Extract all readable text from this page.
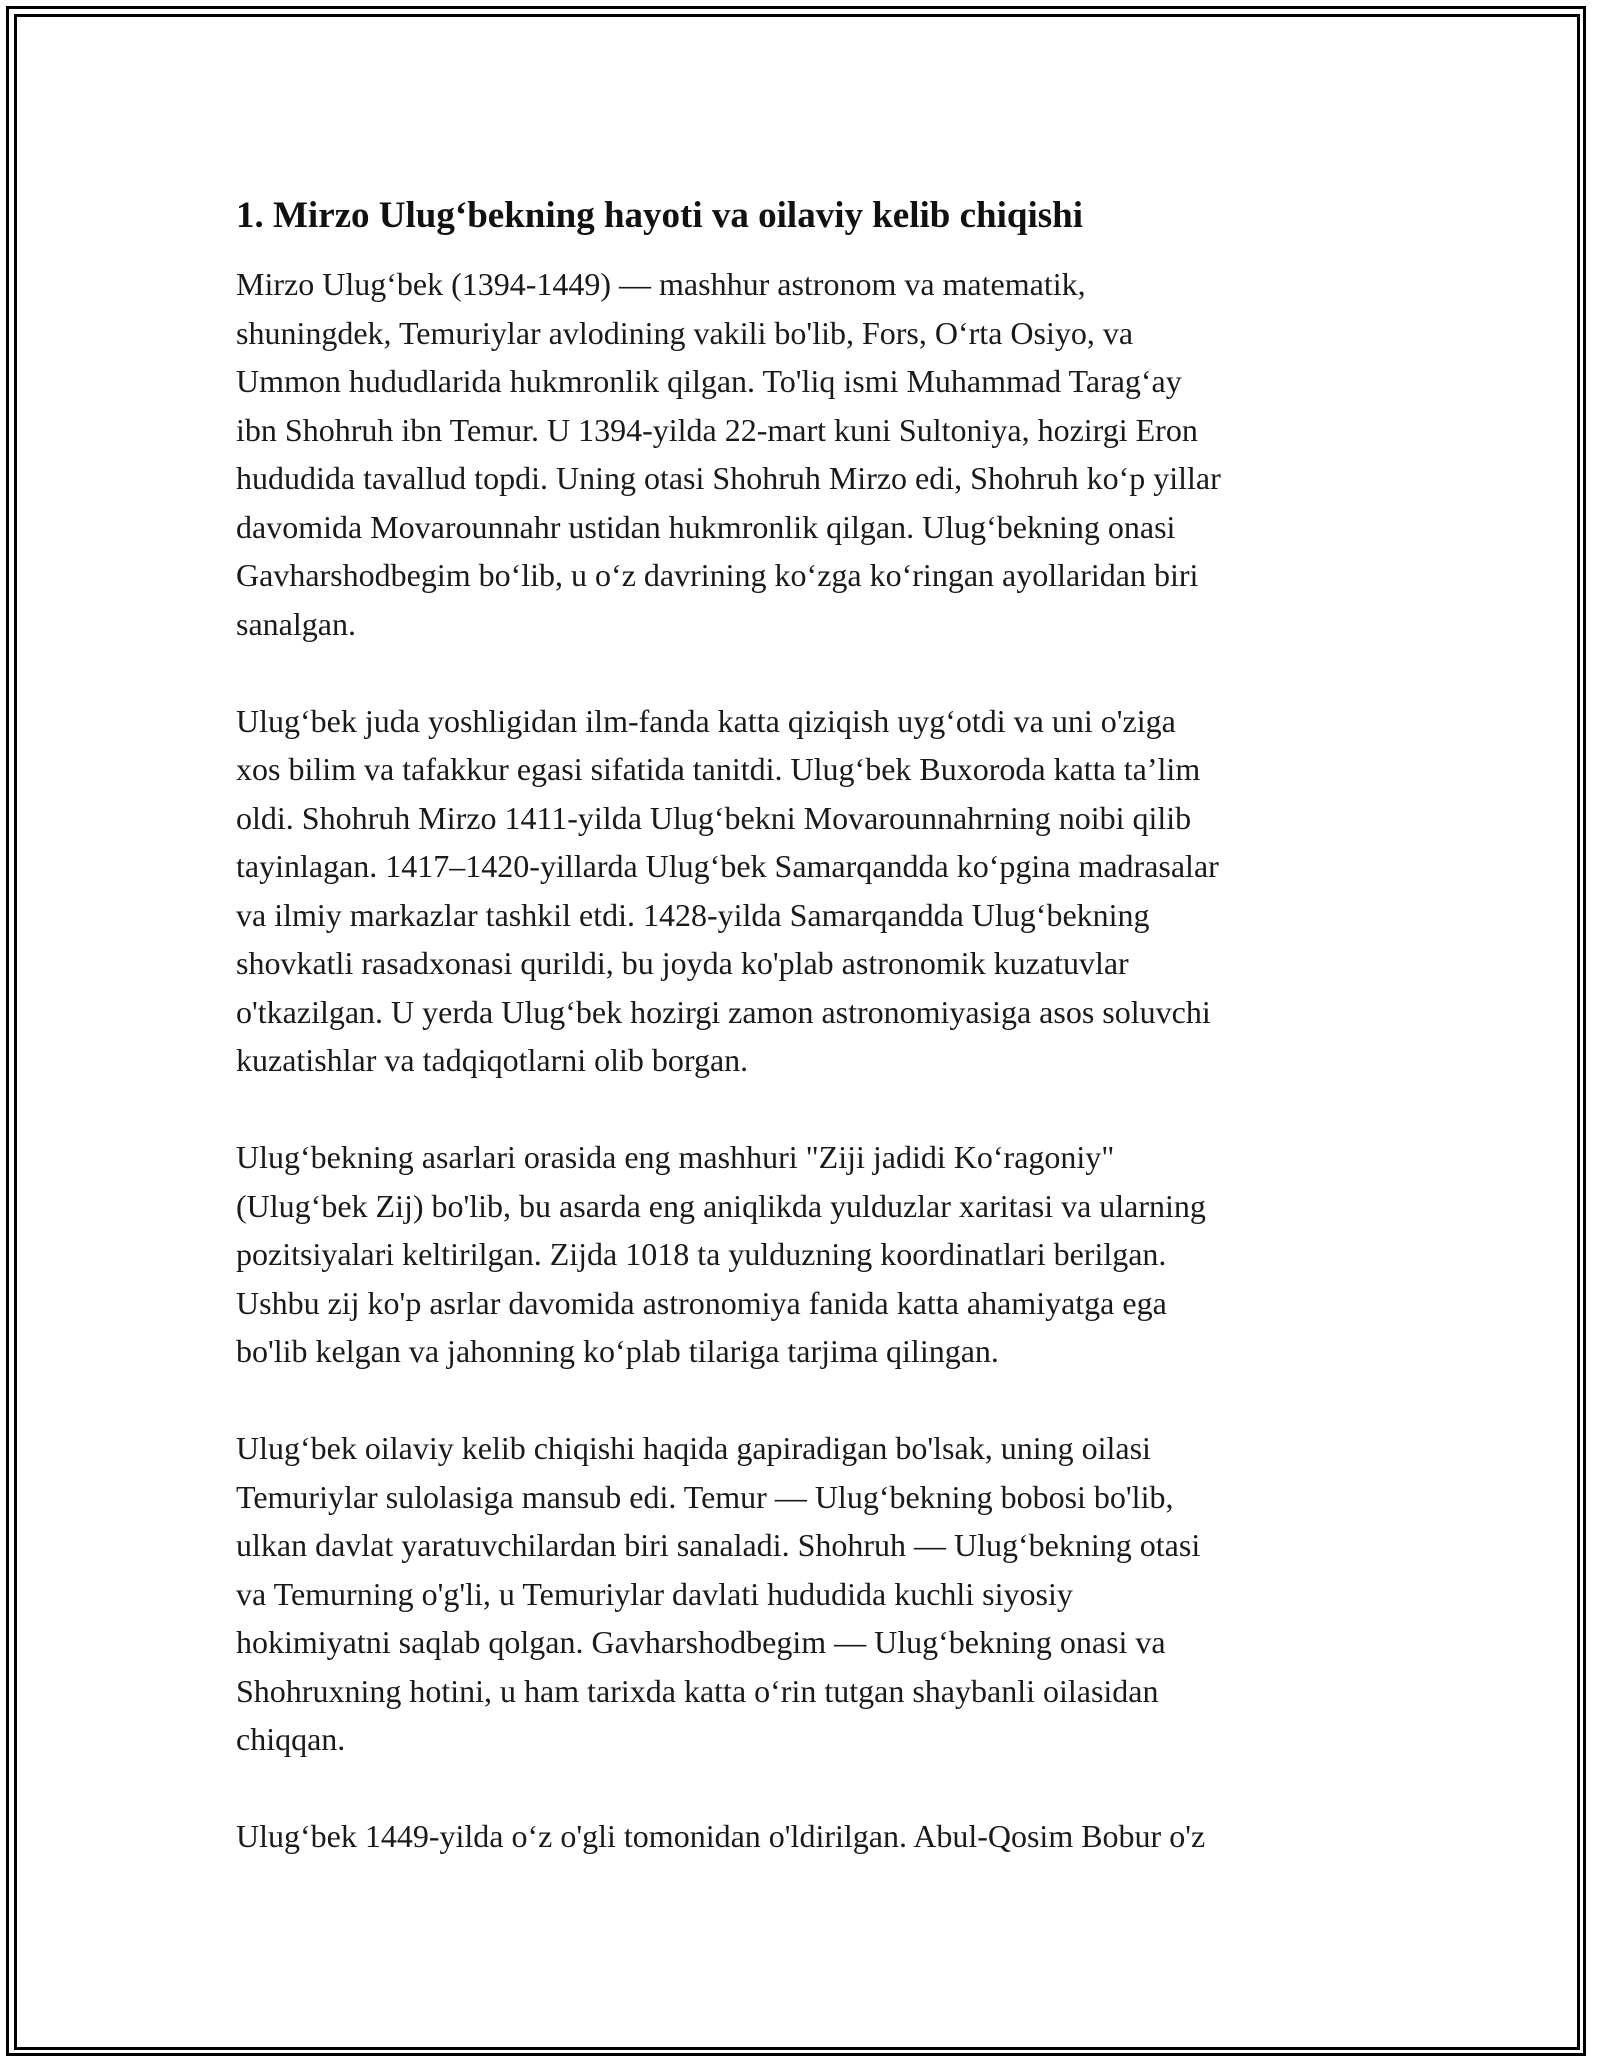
1. Mirzo Ulug‘bekning hayoti va oilaviy kelib chiqishi
Mirzo Ulug‘bek (1394-1449) — mashhur astronom va matematik,
shuningdek, Temuriylar avlodining vakili bo'lib, Fors, O‘rta Osiyo, va
Ummon hududlarida hukmronlik qilgan. To'liq ismi Muhammad Tarag‘ay
ibn Shohruh ibn Temur. U 1394-yilda 22-mart kuni Sultoniya, hozirgi Eron
hududida tavallud topdi. Uning otasi Shohruh Mirzo edi, Shohruh ko‘p yillar
davomida Movarounnahr ustidan hukmronlik qilgan. Ulug‘bekning onasi
Gavharshodbegim bo‘lib, u o‘z davrining ko‘zga ko‘ringan ayollaridan biri
sanalgan.
Ulug‘bek juda yoshligidan ilm-fanda katta qiziqish uyg‘otdi va uni o'ziga
xos bilim va tafakkur egasi sifatida tanitdi. Ulug‘bek Buxoroda katta ta’lim
oldi. Shohruh Mirzo 1411-yilda Ulug‘bekni Movarounnahrning noibi qilib
tayinlagan. 1417–1420-yillarda Ulug‘bek Samarqandda ko‘pgina madrasalar
va ilmiy markazlar tashkil etdi. 1428-yilda Samarqandda Ulug‘bekning
shovkatli rasadxonasi qurildi, bu joyda ko'plab astronomik kuzatuvlar
o'tkazilgan. U yerda Ulug‘bek hozirgi zamon astronomiyasiga asos soluvchi
kuzatishlar va tadqiqotlarni olib borgan.
Ulug‘bekning asarlari orasida eng mashhuri "Ziji jadidi Ko‘ragoniy"
(Ulug‘bek Zij) bo'lib, bu asarda eng aniqlikda yulduzlar xaritasi va ularning
pozitsiyalari keltirilgan. Zijda 1018 ta yulduzning koordinatlari berilgan.
Ushbu zij ko'p asrlar davomida astronomiya fanida katta ahamiyatga ega
bo'lib kelgan va jahonning ko‘plab tilariga tarjima qilingan.
Ulug‘bek oilaviy kelib chiqishi haqida gapiradigan bo'lsak, uning oilasi
Temuriylar sulolasiga mansub edi. Temur — Ulug‘bekning bobosi bo'lib,
ulkan davlat yaratuvchilardan biri sanaladi. Shohruh — Ulug‘bekning otasi
va Temurning o'g'li, u Temuriylar davlati hududida kuchli siyosiy
hokimiyatni saqlab qolgan. Gavharshodbegim — Ulug‘bekning onasi va
Shohruxning hotini, u ham tarixda katta o‘rin tutgan shaybanli oilasidan
chiqqan.
Ulug‘bek 1449-yilda o‘z o'gli tomonidan o'ldirilgan. Abul-Qosim Bobur o'z
